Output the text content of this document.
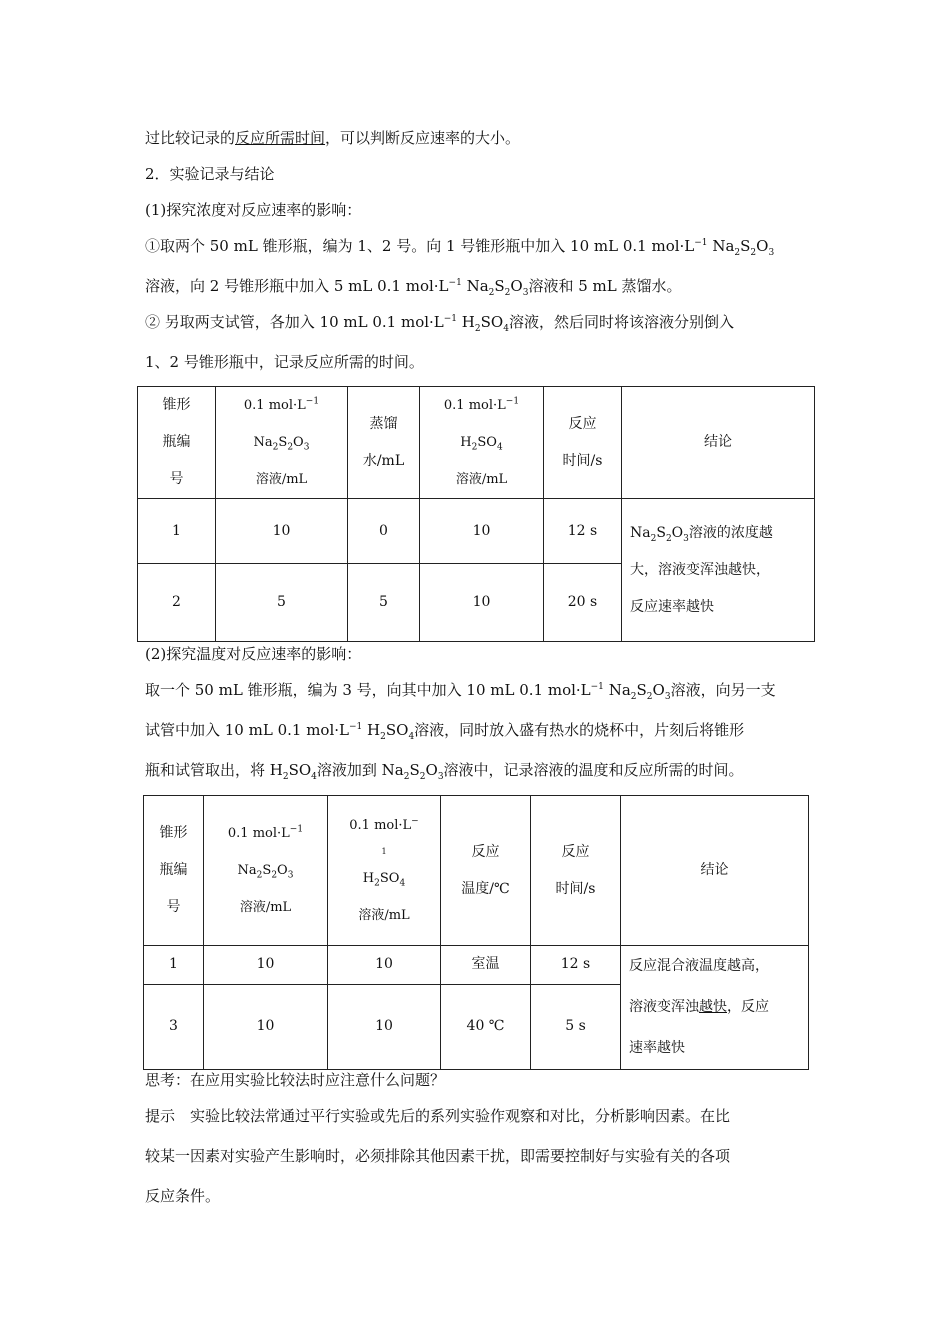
过比较记录的反应所需时间，可以判断反应速率的大小。
2．实验记录与结论
(1)探究浓度对反应速率的影响：
①取两个 50 mL 锥形瓶，编为 1、2 号。向 1 号锥形瓶中加入 10 mL 0.1 $mol\cdot L^{-1}$ $Na_2S_2O_3$
溶液，向 2 号锥形瓶中加入 5 mL 0.1 $mol\cdot L^{-1}$ $Na_2S_2O_3$溶液和 5 mL 蒸馏水。
② 另取两支试管，各加入 10 mL 0.1 $mol\cdot L^{-1}$ $H_2SO_4$溶液，然后同时将该溶液分别倒入
1、2 号锥形瓶中，记录反应所需的时间。
锥形
瓶编
号	0.1 $mol\cdot L^{-1}$
$Na_2S_2O_3$
溶液/mL	蒸馏
水/mL	0.1 $mol\cdot L^{-1}$
$H_2SO_4$
溶液/mL	反应
时间/s	结论
1	10	0	10	12 s	$Na_2S_2O_3$溶液的浓度越
大，溶液变浑浊越快，
反应速率越快

2	5	5	10	20 s	
(2)探究温度对反应速率的影响：
取一个 50 mL 锥形瓶，编为 3 号，向其中加入 10 mL 0.1 $mol\cdot L^{-1}$ $Na_2S_2O_3$溶液，向另一支
试管中加入 10 mL 0.1 $mol\cdot L^{-1}$ $H_2SO_4$溶液，同时放入盛有热水的烧杯中，片刻后将锥形
瓶和试管取出，将 $H_2SO_4$溶液加到 $Na_2S_2O_3$溶液中，记录溶液的温度和反应所需的时间。
锥形
瓶编
号	0.1 $mol\cdot L^{-1}$
$Na_2S_2O_3$
溶液/mL	0.1 mol·L−
1
$H_2SO_4$
溶液/mL	反应
温度/℃	反应
时间/s	结论
1	10	10	室温	12 s	反应混合液温度越高，
溶液变浑浊越快，反应
速率越快

3	10	10	40 ℃	5 s	
思考：在应用实验比较法时应注意什么问题？
提示　实验比较法常通过平行实验或先后的系列实验作观察和对比，分析影响因素。在比
较某一因素对实验产生影响时，必须排除其他因素干扰，即需要控制好与实验有关的各项
反应条件。
